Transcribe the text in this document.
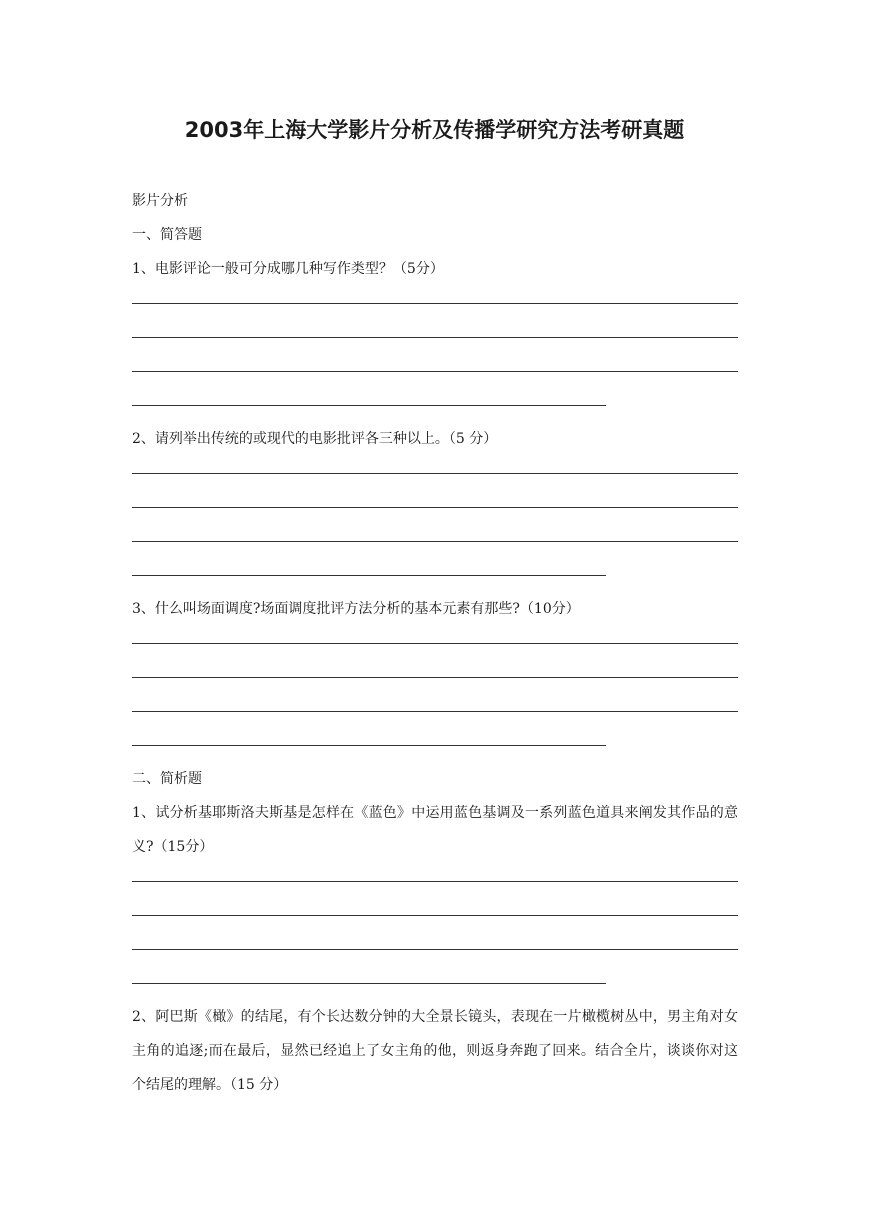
2003年上海大学影片分析及传播学研究方法考研真题
影片分析
一、简答题
1、电影评论一般可分成哪几种写作类型？（5分）
2、请列举出传统的或现代的电影批评各三种以上。（5 分）
3、什么叫场面调度?场面调度批评方法分析的基本元素有那些?（10分）
二、简析题
1、试分析基耶斯洛夫斯基是怎样在《蓝色》中运用蓝色基调及一系列蓝色道具来阐发其作品的意义?（15分）
2、阿巴斯《橄》的结尾，有个长达数分钟的大全景长镜头，表现在一片橄榄树丛中，男主角对女主角的追逐;而在最后，显然已经追上了女主角的他，则返身奔跑了回来。结合全片，谈谈你对这个结尾的理解。（15 分）
